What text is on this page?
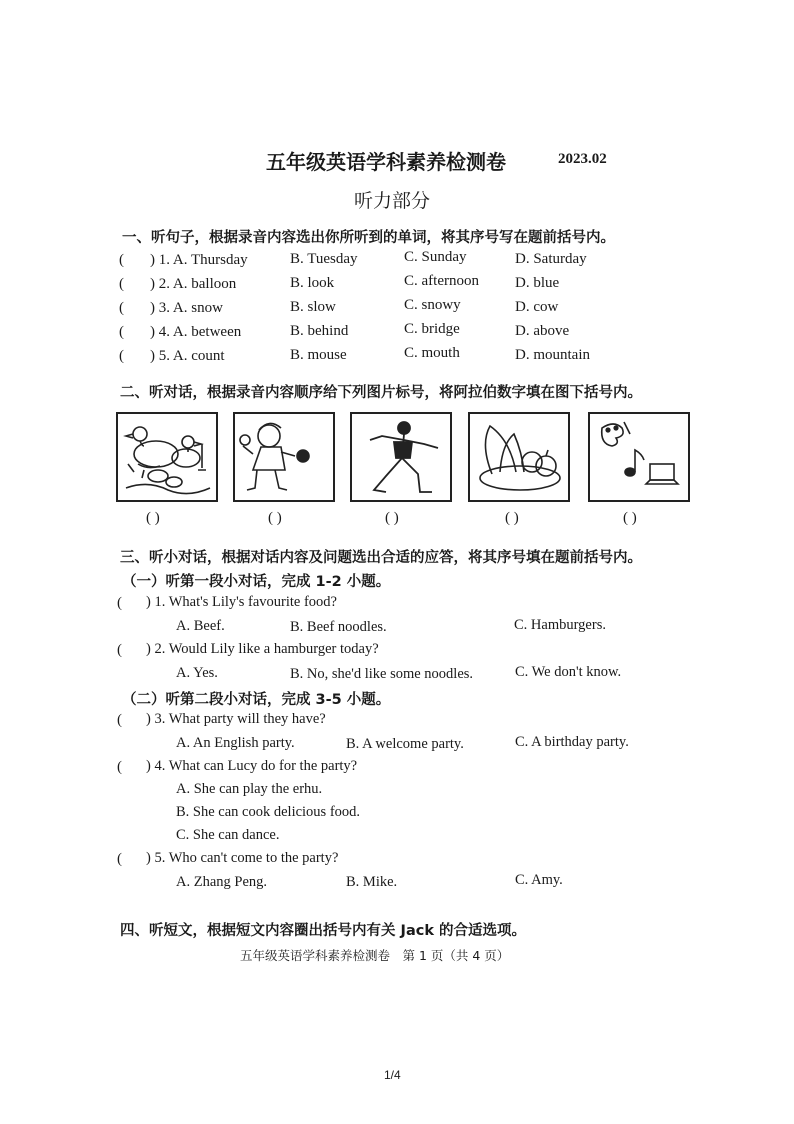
五年级英语学科素养检测卷	2023.02
听力部分
一、听句子，根据录音内容选出你所听到的单词，将其序号写在题前括号内。
( ) 1. A. Thursday	B. Tuesday	C. Sunday	D. Saturday
( ) 2. A. balloon	B. look	C. afternoon D. blue
( ) 3. A. snow	B. slow	C. snowy	D. cow
( ) 4. A. between	B. behind	C. bridge	D. above
( ) 5. A. count	B. mouse	C. mouth	D. mountain
二、听对话，根据录音内容顺序给下列图片标号，将阿拉伯数字填在图下括号内。
( )	( )	( )	( )	( )
三、听小对话，根据对话内容及问题选出合适的应答，将其序号填在题前括号内。
（一）听第一段小对话，完成 1-2 小题。
( ) 1. What's Lily's favourite food?
A. Beef.	B. Beef noodles.	C. Hamburgers.
( ) 2. Would Lily like a hamburger today?
A. Yes.	B. No, she'd like some noodles.	C. We don't know.
（二）听第二段小对话，完成 3-5 小题。
( ) 3. What party will they have?
A. An English party.	B. A welcome party.	C. A birthday party.
( ) 4. What can Lucy do for the party?
A. She can play the erhu.
B. She can cook delicious food.
C. She can dance.
( ) 5. Who can't come to the party?
A. Zhang Peng.	B. Mike.	C. Amy.
四、听短文，根据短文内容圈出括号内有关 Jack 的合适选项。
五年级英语学科素养检测卷　第 1 页（共 4 页）
1/4
